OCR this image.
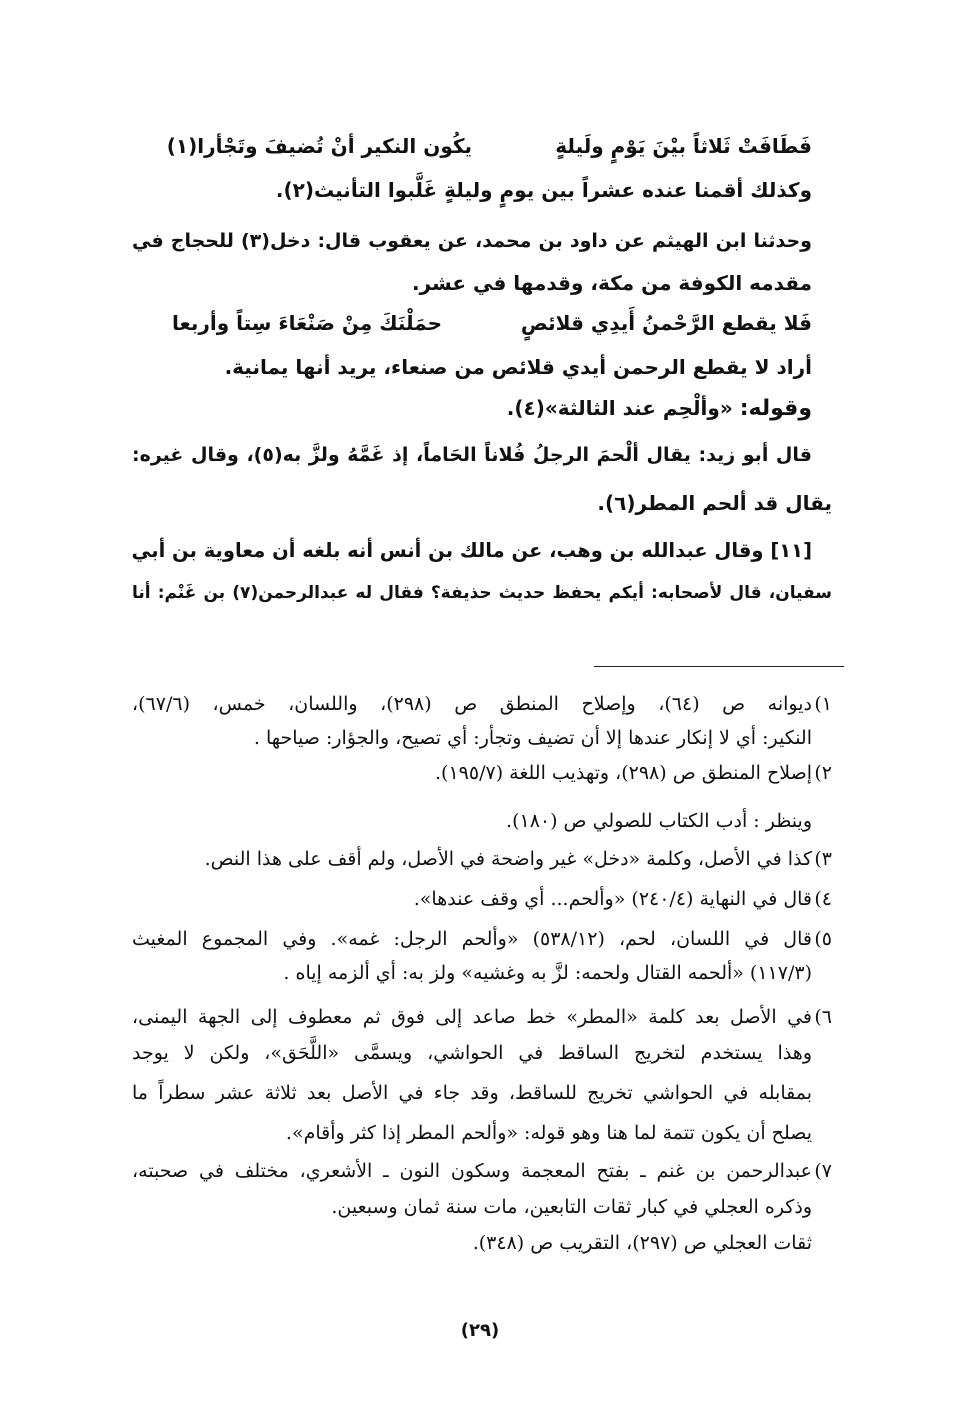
فَطَافَتْ ثَلاثاً بيْنَ يَوْمٍ ولَيلةٍ
يكُون النكير أنْ تُضيفَ وتَجْأرا(١)
وكذلك أقمنا عنده عشراً بين يومٍ وليلةٍ غَلَّبوا التأنيث(٢).
وحدثنا ابن الهيثم عن داود بن محمد، عن يعقوب قال: دخل(٣) للحجاج في
مقدمه الكوفة من مكة، وقدمها في عشر.
فَلا يقطع الرَّحْمنُ أَيدِي قلائصٍ
حمَلْنَكَ مِنْ صَنْعَاءَ سِتاً وأربعا
أراد لا يقطع الرحمن أيدي قلائص من صنعاء، يريد أنها يمانية.
وقوله: «وألْحِم عند الثالثة»(٤).
قال أبو زيد: يقال ألْحمَ الرجلُ فُلاناً الحَاماً، إذ غَمَّهُ ولزَّ به(٥)، وقال غيره:
يقال قد ألحم المطر(٦).
[١١] وقال عبدالله بن وهب، عن مالك بن أنس أنه بلغه أن معاوية بن أبي
سفيان، قال لأصحابه: أيكم يحفظ حديث حذيفة؟ فقال له عبدالرحمن(٧) بن غَنْم: أنا
١)
ديوانه ص (٦٤)، وإصلاح المنطق ص (٢٩٨)، واللسان، خمس، (٦٧/٦)،
النكير: أي لا إنكار عندها إلا أن تضيف وتجأر: أي تصيح، والجؤار: صياحها .
٢)
إصلاح المنطق ص (٢٩٨)، وتهذيب اللغة (١٩٥/٧).
وينظر : أدب الكتاب للصولي ص (١٨٠).
٣)
كذا في الأصل، وكلمة «دخل» غير واضحة في الأصل، ولم أقف على هذا النص.
٤)
قال في النهاية (٢٤٠/٤) «وألحم... أي وقف عندها».
٥)
قال في اللسان، لحم، (٥٣٨/١٢) «وألحم الرجل: غمه». وفي المجموع المغيث
(١١٧/٣) «ألحمه القتال ولحمه: لزَّ به وغشيه» ولز به: أي ألزمه إياه .
٦)
في الأصل بعد كلمة «المطر» خط صاعد إلى فوق ثم معطوف إلى الجهة اليمنى،
وهذا يستخدم لتخريج الساقط في الحواشي، ويسمَّى «اللَّحَق»، ولكن لا يوجد
بمقابله في الحواشي تخريج للساقط، وقد جاء في الأصل بعد ثلاثة عشر سطراً ما
يصلح أن يكون تتمة لما هنا وهو قوله: «وألحم المطر إذا كثر وأقام».
٧)
عبدالرحمن بن غنم ـ بفتح المعجمة وسكون النون ـ الأشعري، مختلف في صحبته،
وذكره العجلي في كبار ثقات التابعين، مات سنة ثمان وسبعين.
ثقات العجلي ص (٢٩٧)، التقريب ص (٣٤٨).
(٢٩)
